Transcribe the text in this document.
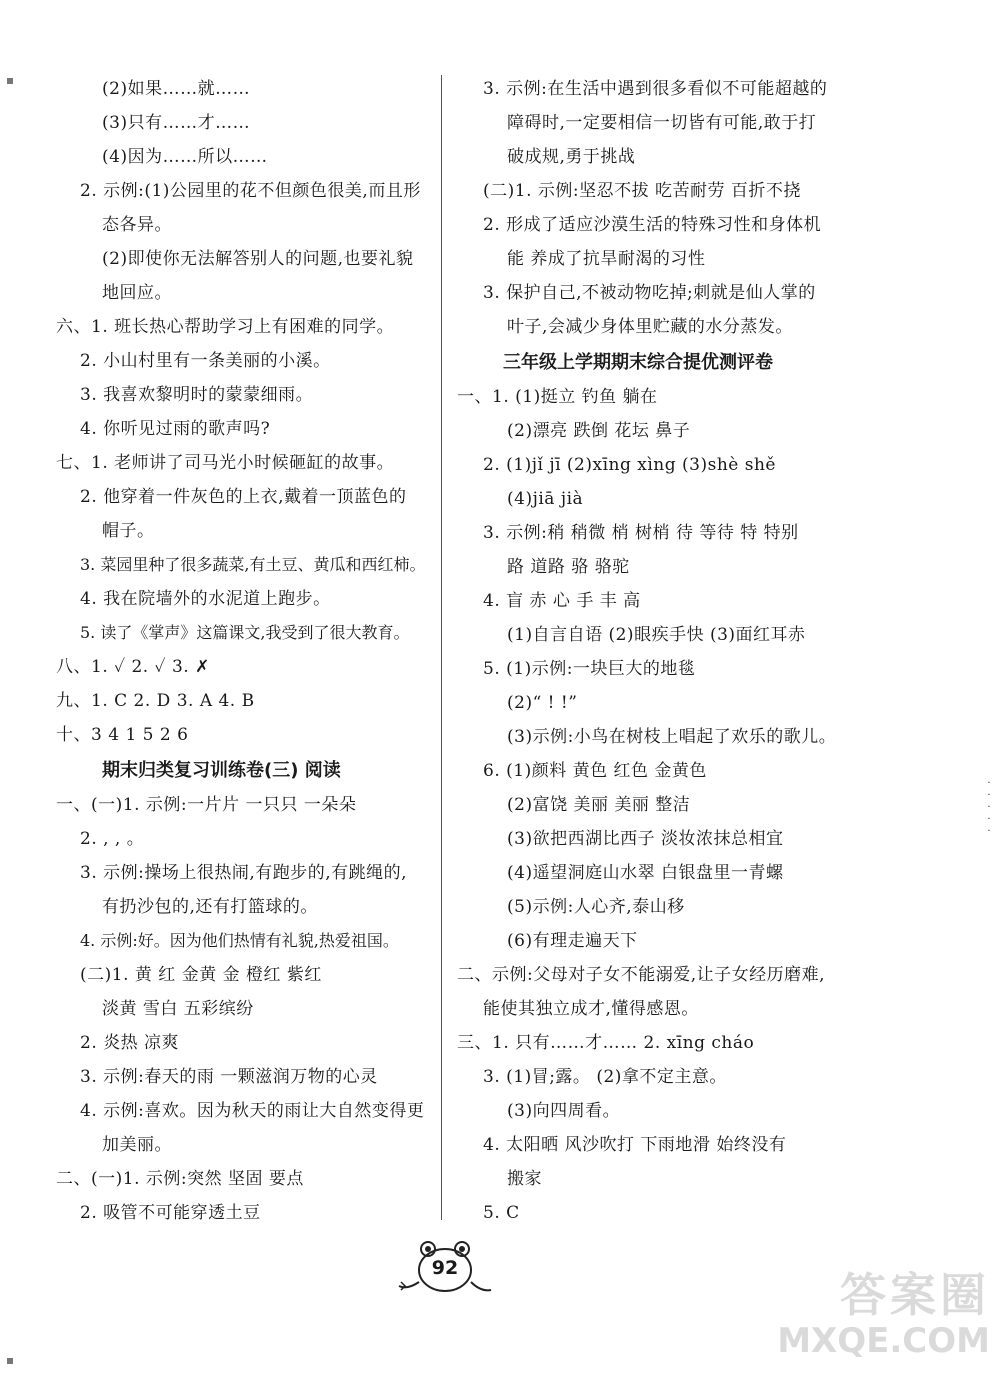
(2)如果……就……
(3)只有……才……
(4)因为……所以……
2. 示例:(1)公园里的花不但颜色很美,而且形
态各异。
(2)即使你无法解答别人的问题,也要礼貌
地回应。
六、1. 班长热心帮助学习上有困难的同学。
2. 小山村里有一条美丽的小溪。
3. 我喜欢黎明时的蒙蒙细雨。
4. 你听见过雨的歌声吗?
七、1. 老师讲了司马光小时候砸缸的故事。
2. 他穿着一件灰色的上衣,戴着一顶蓝色的
帽子。
3. 菜园里种了很多蔬菜,有土豆、黄瓜和西红柿。
4. 我在院墙外的水泥道上跑步。
5. 读了《掌声》这篇课文,我受到了很大教育。
八、1. ✓ 2. ✓ 3. ✗
九、1. C 2. D 3. A 4. B
十、3 4 1 5 2 6
期末归类复习训练卷(三) 阅读
一、(一)1. 示例:一片片 一只只 一朵朵
2. , , 。
3. 示例:操场上很热闹,有跑步的,有跳绳的,
有扔沙包的,还有打篮球的。
4. 示例:好。因为他们热情有礼貌,热爱祖国。
(二)1. 黄 红 金黄 金 橙红 紫红
淡黄 雪白 五彩缤纷
2. 炎热 凉爽
3. 示例:春天的雨 一颗滋润万物的心灵
4. 示例:喜欢。因为秋天的雨让大自然变得更
加美丽。
二、(一)1. 示例:突然 坚固 要点
2. 吸管不可能穿透土豆
3. 示例:在生活中遇到很多看似不可能超越的
障碍时,一定要相信一切皆有可能,敢于打
破成规,勇于挑战
(二)1. 示例:坚忍不拔 吃苦耐劳 百折不挠
2. 形成了适应沙漠生活的特殊习性和身体机
能 养成了抗旱耐渴的习性
3. 保护自己,不被动物吃掉;刺就是仙人掌的
叶子,会减少身体里贮藏的水分蒸发。
三年级上学期期末综合提优测评卷
一、1. (1)挺立 钓鱼 躺在
(2)漂亮 跌倒 花坛 鼻子
2. (1)jǐ jī (2)xīng xìng (3)shè shě
(4)jiā jià
3. 示例:稍 稍微 梢 树梢 待 等待 特 特别
路 道路 骆 骆驼
4. 盲 赤 心 手 丰 高
(1)自言自语 (2)眼疾手快 (3)面红耳赤
5. (1)示例:一块巨大的地毯
(2)“ ! !”
(3)示例:小鸟在树枝上唱起了欢乐的歌儿。
6. (1)颜料 黄色 红色 金黄色
(2)富饶 美丽 美丽 整洁
(3)欲把西湖比西子 淡妆浓抹总相宜
(4)遥望洞庭山水翠 白银盘里一青螺
(5)示例:人心齐,泰山移
(6)有理走遍天下
二、示例:父母对子女不能溺爱,让子女经历磨难,
能使其独立成才,懂得感恩。
三、1. 只有……才…… 2. xīng cháo
3. (1)冒;露。 (2)拿不定主意。
(3)向四周看。
4. 太阳晒 风沙吹打 下雨地滑 始终没有
搬家
5. C
· · · · ·
92	答案圈
MXQE.COM
